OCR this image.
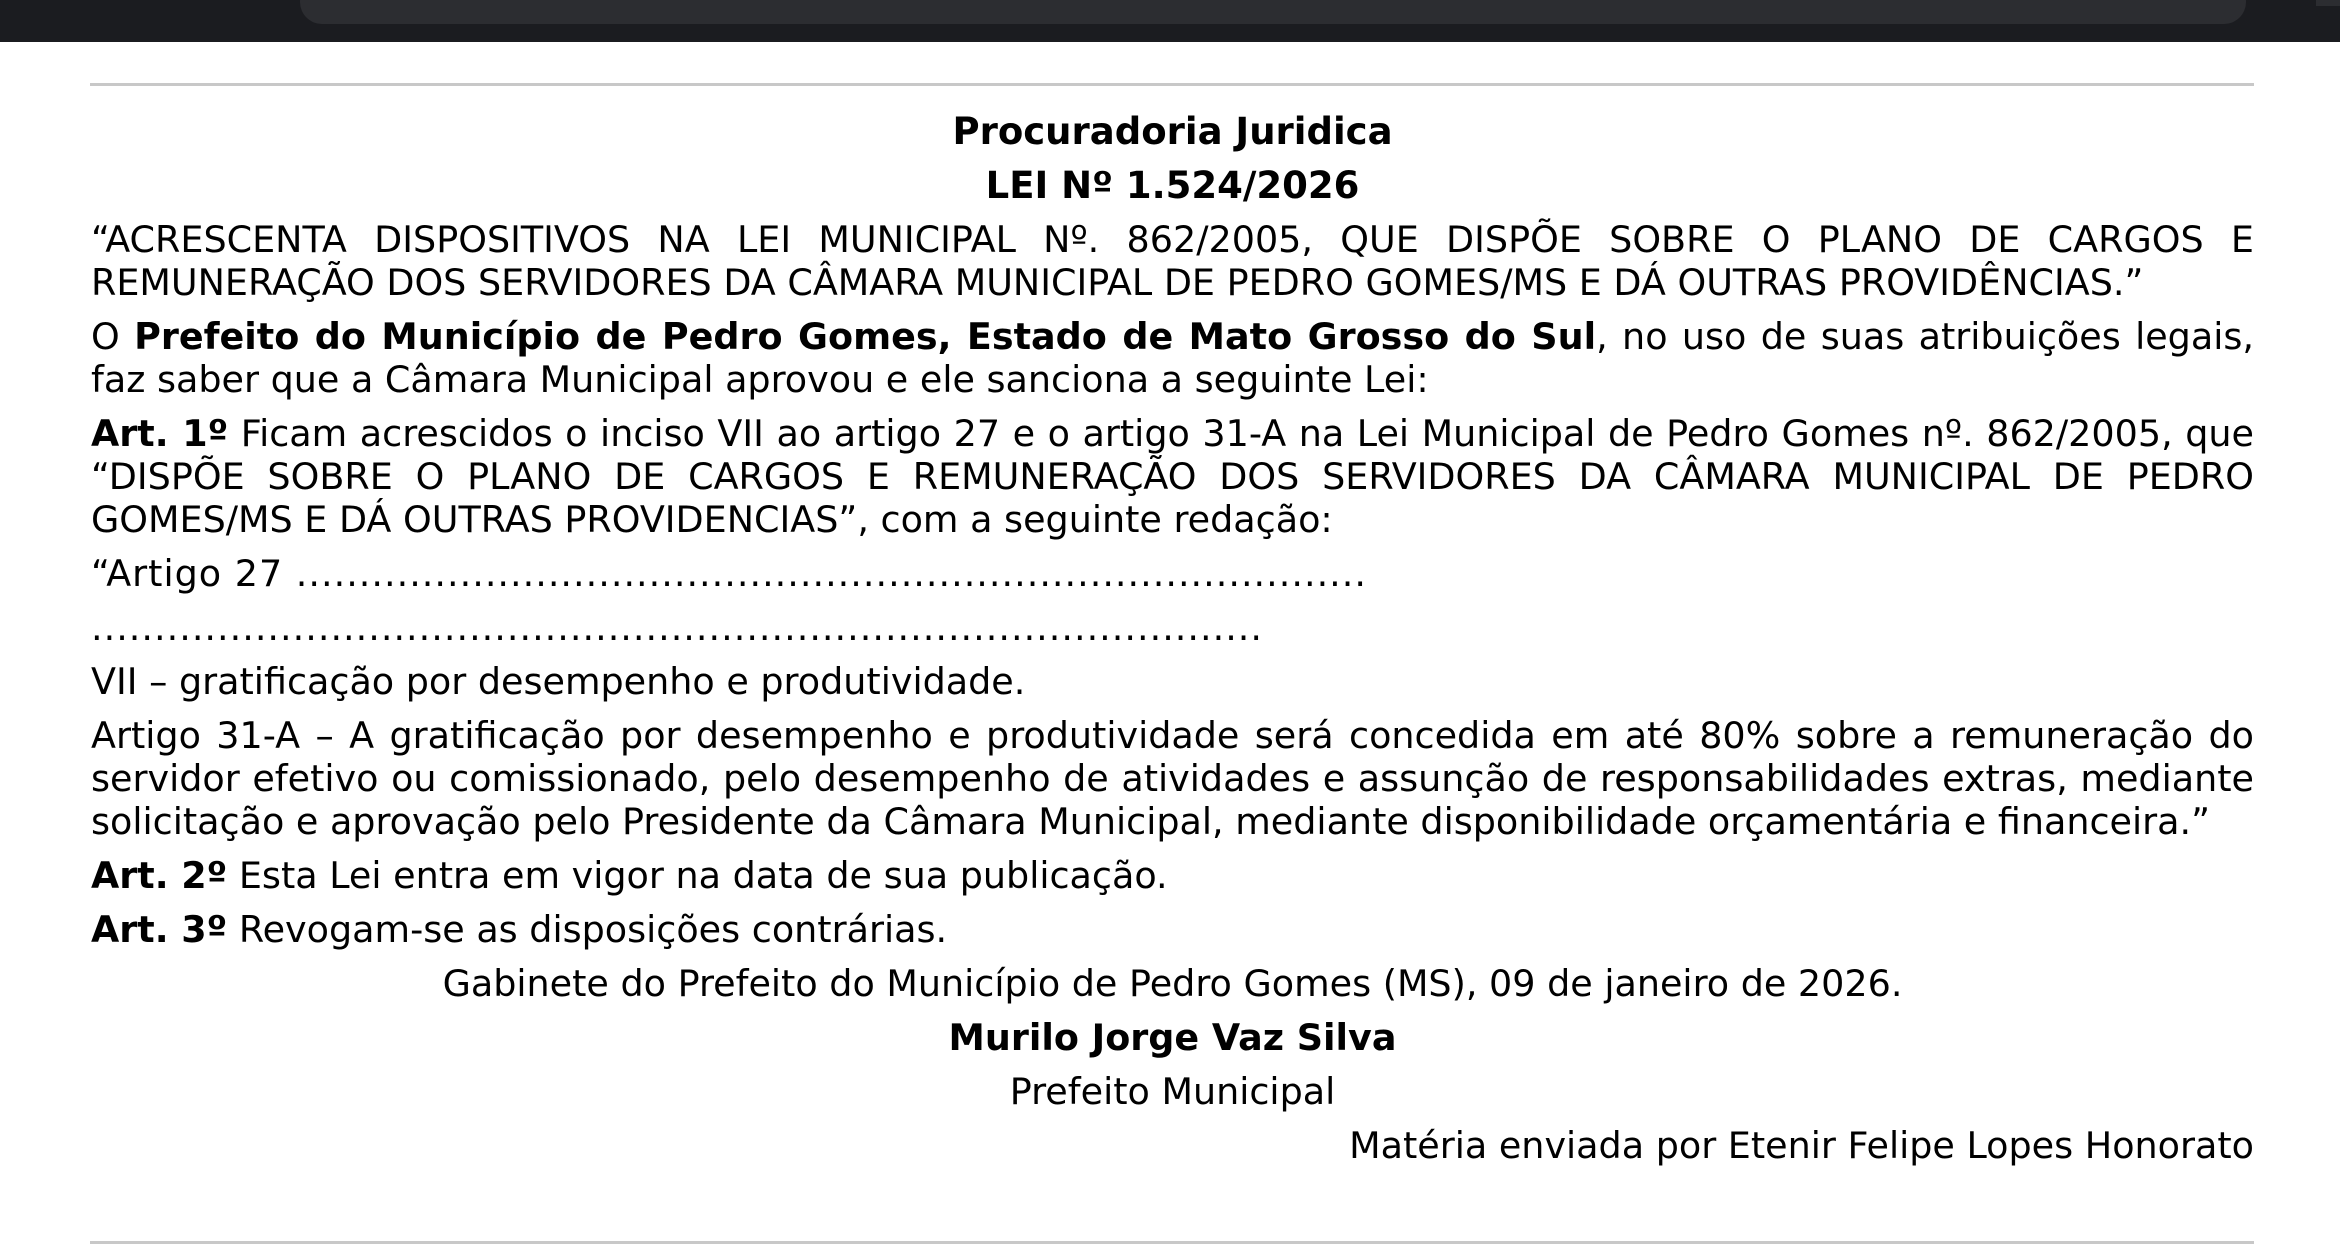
Procuradoria Juridica

LEI Nº 1.524/2026

“ACRESCENTA DISPOSITIVOS NA LEI MUNICIPAL Nº. 862/2005, QUE DISPÕE SOBRE O PLANO DE CARGOS E REMUNERAÇÃO DOS SERVIDORES DA CÂMARA MUNICIPAL DE PEDRO GOMES/MS E DÁ OUTRAS PROVIDÊNCIAS.”

O Prefeito do Município de Pedro Gomes, Estado de Mato Grosso do Sul, no uso de suas atribuições legais, faz saber que a Câmara Municipal aprovou e ele sanciona a seguinte Lei:

Art. 1º Ficam acrescidos o inciso VII ao artigo 27 e o artigo 31-A na Lei Municipal de Pedro Gomes nº. 862/2005, que “DISPÕE SOBRE O PLANO DE CARGOS E REMUNERAÇÃO DOS SERVIDORES DA CÂMARA MUNICIPAL DE PEDRO GOMES/MS E DÁ OUTRAS PROVIDENCIAS”, com a seguinte redação:

“Artigo 27 .....................................................................................

.............................................................................................

VII – gratificação por desempenho e produtividade.

Artigo 31-A – A gratificação por desempenho e produtividade será concedida em até 80% sobre a remuneração do servidor efetivo ou comissionado, pelo desempenho de atividades e assunção de responsabilidades extras, mediante solicitação e aprovação pelo Presidente da Câmara Municipal, mediante disponibilidade orçamentária e financeira.”

Art. 2º Esta Lei entra em vigor na data de sua publicação.

Art. 3º Revogam-se as disposições contrárias.

Gabinete do Prefeito do Município de Pedro Gomes (MS), 09 de janeiro de 2026.

Murilo Jorge Vaz Silva

Prefeito Municipal

Matéria enviada por Etenir Felipe Lopes Honorato
